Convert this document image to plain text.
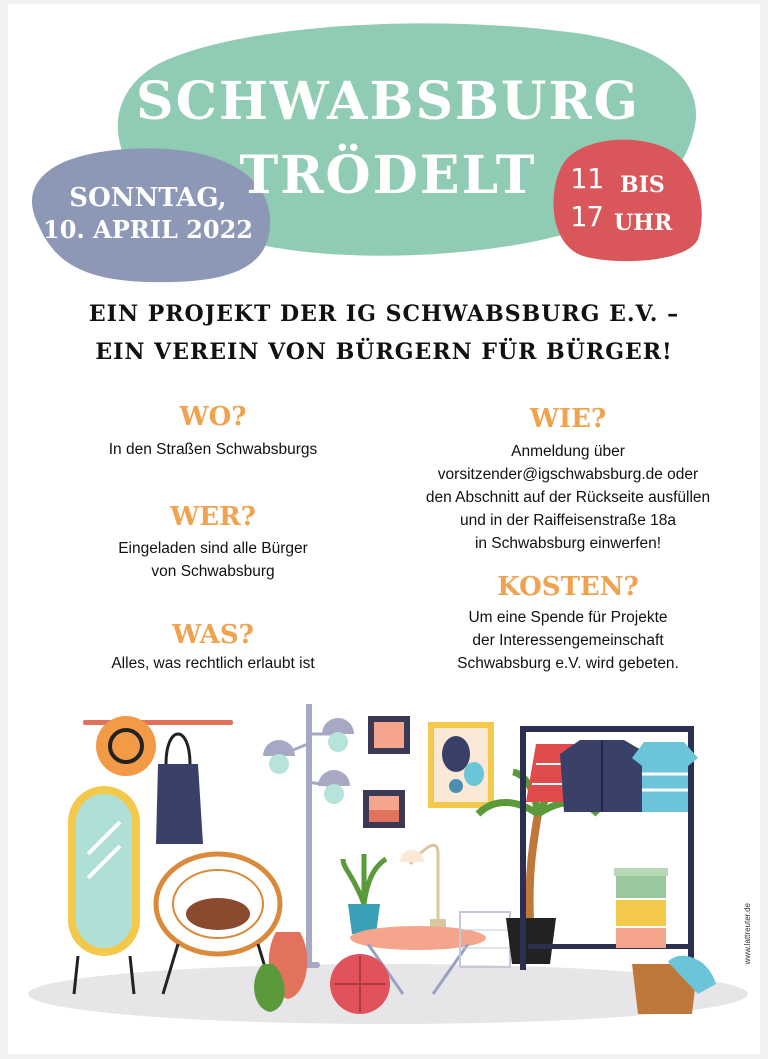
SCHWABSBURG
TRÖDELT
SONNTAG,
10. APRIL 2022
11 BIS
17 UHR
EIN PROJEKT DER IG SCHWABSBURG E.V. –
EIN VEREIN VON BÜRGERN FÜR BÜRGER!
WO?
In den Straßen Schwabsburgs
WER?
Eingeladen sind alle Bürger
von Schwabsburg
WAS?
Alles, was rechtlich erlaubt ist
WIE?
Anmeldung über
vorsitzender@igschwabsburg.de oder
den Abschnitt auf der Rückseite ausfüllen
und in der Raiffeisenstraße 18a
in Schwabsburg einwerfen!
KOSTEN?
Um eine Spende für Projekte
der Interessengemeinschaft
Schwabsburg e.V. wird gebeten.
www.lattreuter.de
